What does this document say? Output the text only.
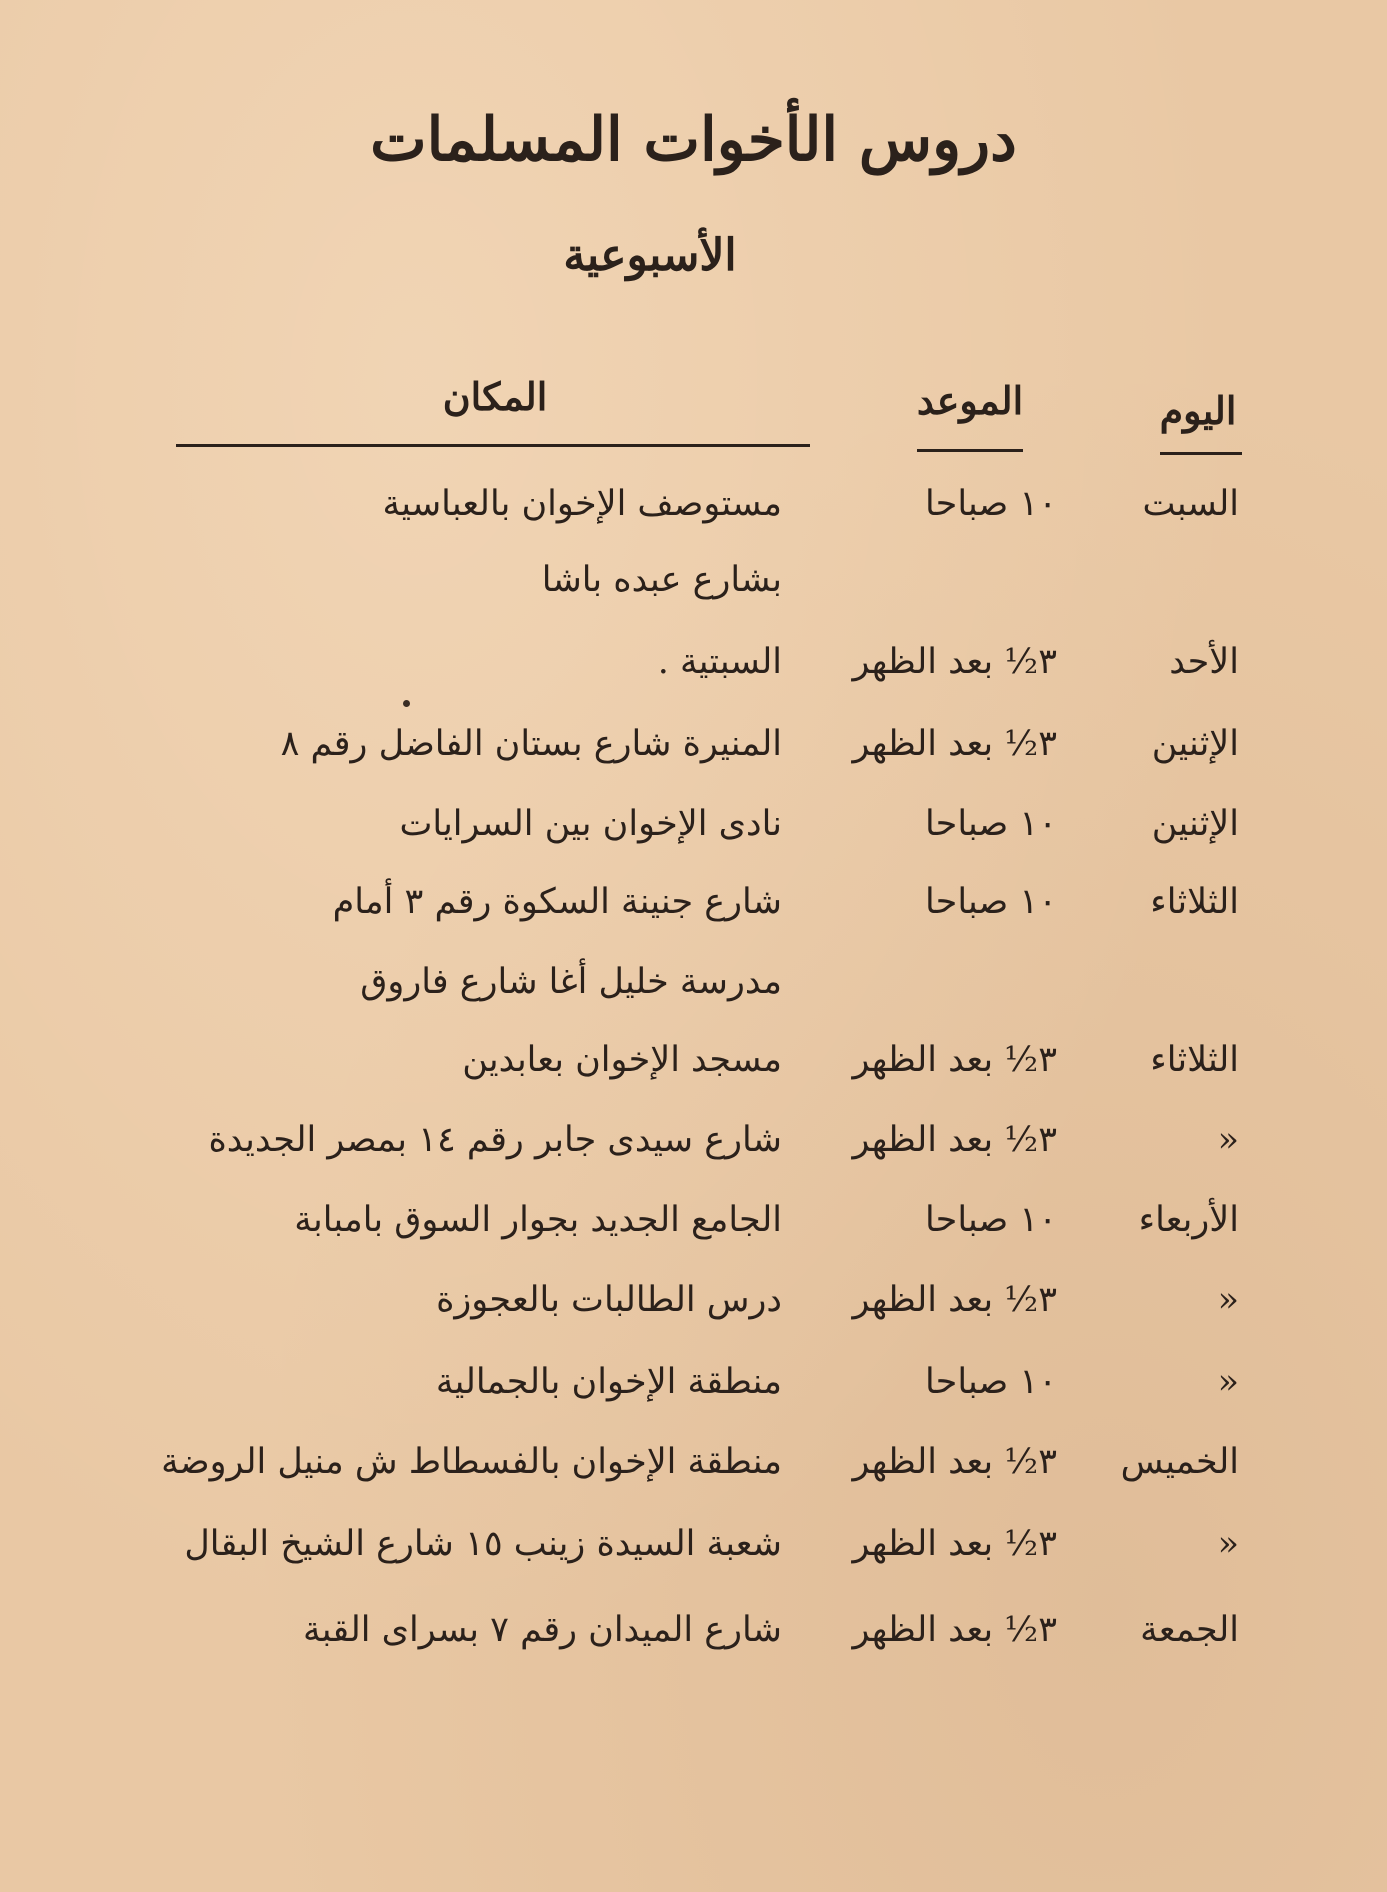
دروس الأخوات المسلمات
الأسبوعية
اليوم
الموعد
المكان
السبت
١٠ صباحا
مستوصف الإخوان بالعباسية
بشارع عبده باشا
الأحد
٣½ بعد الظهر
السبتية .
الإثنين
٣½ بعد الظهر
المنيرة شارع بستان الفاضل رقم ٨
الإثنين
١٠ صباحا
نادى الإخوان بين السرايات
الثلاثاء
١٠ صباحا
شارع جنينة السكوة رقم ٣ أمام
مدرسة خليل أغا شارع فاروق
الثلاثاء
٣½ بعد الظهر
مسجد الإخوان بعابدين
«
٣½ بعد الظهر
شارع سيدى جابر رقم ١٤ بمصر الجديدة
الأربعاء
١٠ صباحا
الجامع الجديد بجوار السوق بامبابة
«
٣½ بعد الظهر
درس الطالبات بالعجوزة
«
١٠ صباحا
منطقة الإخوان بالجمالية
الخميس
٣½ بعد الظهر
منطقة الإخوان بالفسطاط ش منيل الروضة
«
٣½ بعد الظهر
شعبة السيدة زينب ١٥ شارع الشيخ البقال
الجمعة
٣½ بعد الظهر
شارع الميدان رقم ٧ بسراى القبة
